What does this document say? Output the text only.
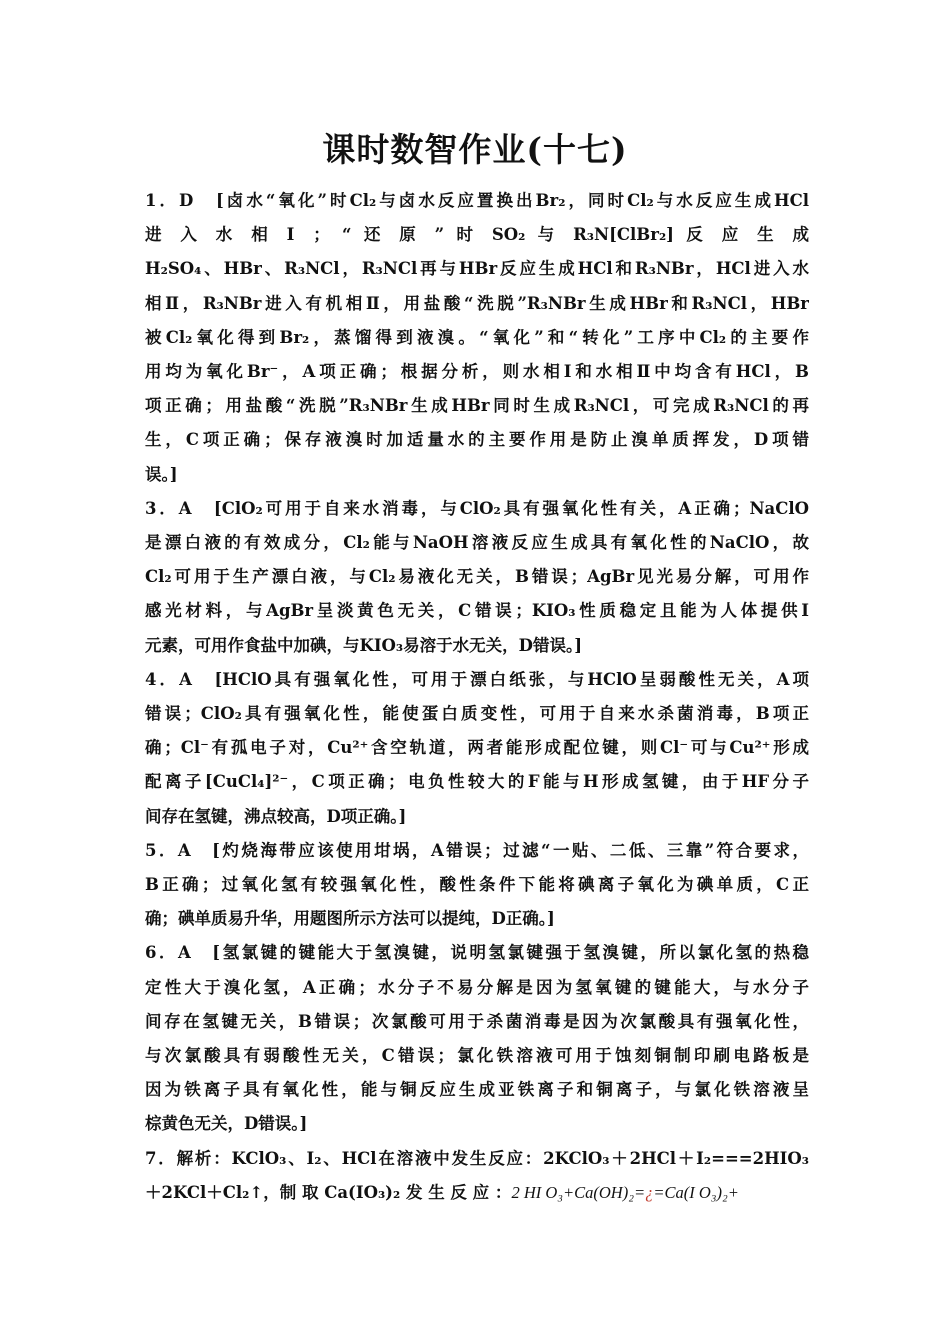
课时数智作业(十七)
1．D　[卤水“氧化”时Cl₂与卤水反应置换出Br₂，同时Cl₂与水反应生成HCl
进 入 水 相 Ⅰ ； “ 还 原 ” 时 SO₂ 与 R₃N[ClBr₂] 反 应 生 成
H₂SO₄、HBr、R₃NCl，R₃NCl再与HBr反应生成HCl和R₃NBr，HCl进入水
相Ⅱ，R₃NBr进入有机相Ⅱ，用盐酸“洗脱”R₃NBr生成HBr和R₃NCl，HBr
被Cl₂氧化得到Br₂，蒸馏得到液溴。“氧化”和“转化”工序中Cl₂的主要作
用均为氧化Br⁻，A项正确；根据分析，则水相Ⅰ和水相Ⅱ中均含有HCl，B
项正确；用盐酸“洗脱”R₃NBr生成HBr同时生成R₃NCl，可完成R₃NCl的再
生，C项正确；保存液溴时加适量水的主要作用是防止溴单质挥发，D项错
误。]
3．A　[ClO₂可用于自来水消毒，与ClO₂具有强氧化性有关，A正确；NaClO
是漂白液的有效成分，Cl₂能与NaOH溶液反应生成具有氧化性的NaClO，故
Cl₂可用于生产漂白液，与Cl₂易液化无关，B错误；AgBr见光易分解，可用作
感光材料，与AgBr呈淡黄色无关，C错误；KIO₃性质稳定且能为人体提供I
元素，可用作食盐中加碘，与KIO₃易溶于水无关，D错误。]
4．A　[HClO具有强氧化性，可用于漂白纸张，与HClO呈弱酸性无关，A项
错误；ClO₂具有强氧化性，能使蛋白质变性，可用于自来水杀菌消毒，B项正
确；Cl⁻有孤电子对，Cu²⁺含空轨道，两者能形成配位键，则Cl⁻可与Cu²⁺形成
配离子[CuCl₄]²⁻，C项正确；电负性较大的F能与H形成氢键，由于HF分子
间存在氢键，沸点较高，D项正确。]
5．A　[灼烧海带应该使用坩埚，A错误；过滤“一贴、二低、三靠”符合要求，
B正确；过氧化氢有较强氧化性，酸性条件下能将碘离子氧化为碘单质，C正
确；碘单质易升华，用题图所示方法可以提纯，D正确。]
6．A　[氢氯键的键能大于氢溴键，说明氢氯键强于氢溴键，所以氯化氢的热稳
定性大于溴化氢，A正确；水分子不易分解是因为氢氧键的键能大，与水分子
间存在氢键无关，B错误；次氯酸可用于杀菌消毒是因为次氯酸具有强氧化性，
与次氯酸具有弱酸性无关，C错误；氯化铁溶液可用于蚀刻铜制印刷电路板是
因为铁离子具有氧化性，能与铜反应生成亚铁离子和铜离子，与氯化铁溶液呈
棕黄色无关，D错误。]
7．解析：KClO₃、I₂、HCl在溶液中发生反应：2KClO₃＋2HCl＋I₂===2HIO₃
＋2KCl＋Cl₂↑，制 取 Ca(IO₃)₂ 发 生 反 应 ：2 HI O₃+Ca(OH)₂=¿=Ca(I O₃)₂+
